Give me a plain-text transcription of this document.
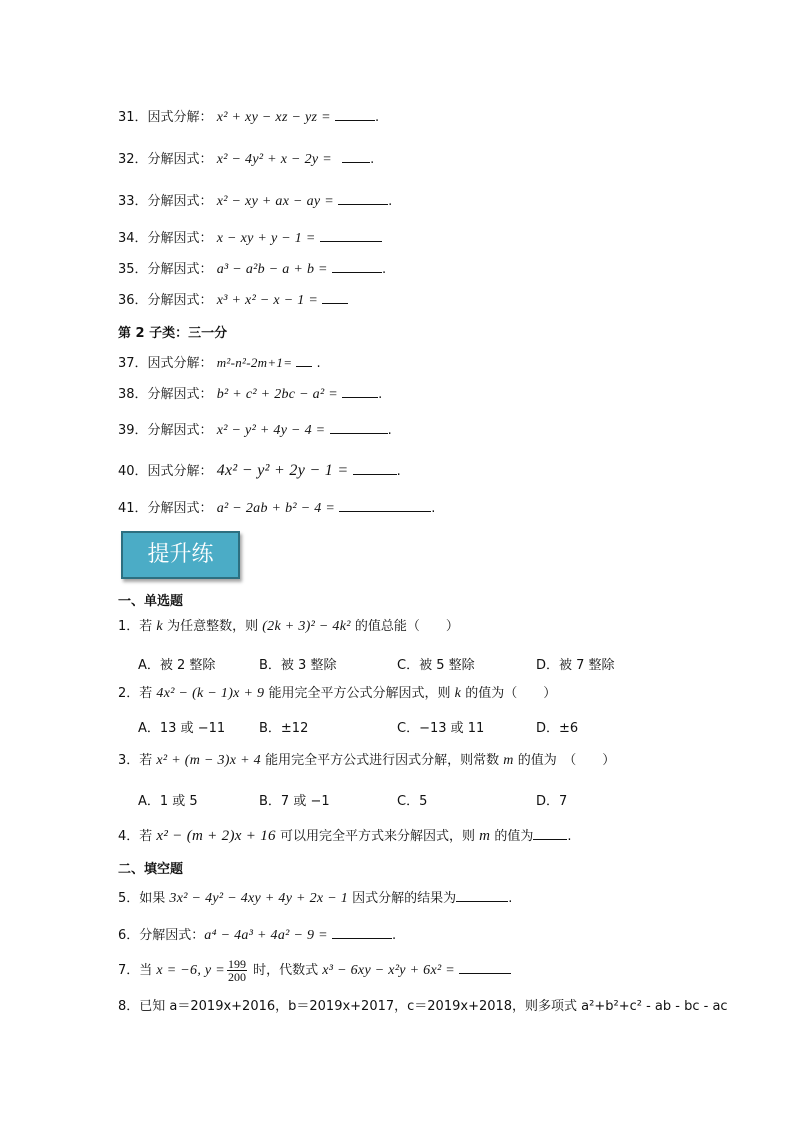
31．因式分解： x² + xy − xz − yz =	.
32．分解因式： x² − 4y² + x − 2y =	.
33．分解因式： x² − xy + ax − ay =	.
34．分解因式： x − xy + y − 1 =
35．分解因式： a³ − a²b − a + b =	.
36．分解因式： x³ + x² − x − 1 =
第 2 子类：三一分
37．因式分解： m²-n²-2m+1=  .
38．分解因式： b² + c² + 2bc − a² =	.
39．分解因式： x² − y² + 4y − 4 =	.
40．因式分解： 4x² − y² + 2y − 1 =	.
41．分解因式： a² − 2ab + b² − 4 =	.
提升练
一、单选题
1．若 k 为任意整数，则 (2k + 3)² − 4k² 的值总能（　　）
A．被 2 整除	B．被 3 整除	C．被 5 整除	D．被 7 整除
2．若 4x² − (k − 1)x + 9 能用完全平方公式分解因式，则 k 的值为（　　）
A．13 或 −11	B．±12	C．−13 或 11	D．±6
3．若 x² + (m − 3)x + 4 能用完全平方公式进行因式分解，则常数 m 的值为　（　　）
A．1 或 5	B．7 或 −1	C．5	D．7
4．若 x² − (m + 2)x + 16 可以用完全平方式来分解因式，则 m 的值为	.
二、填空题
5．如果 3x² − 4y² − 4xy + 4y + 2x − 1 因式分解的结果为	.
6．分解因式：a⁴ − 4a³ + 4a² − 9 =	.
7．当 x = −6, $y = \frac{199}{200}$ 时，代数式 x³ − 6xy − x²y + 6x² =
8．已知 a＝2019x+2016，b＝2019x+2017，c＝2019x+2018，则多项式 a²+b²+c² - ab - bc - ac
